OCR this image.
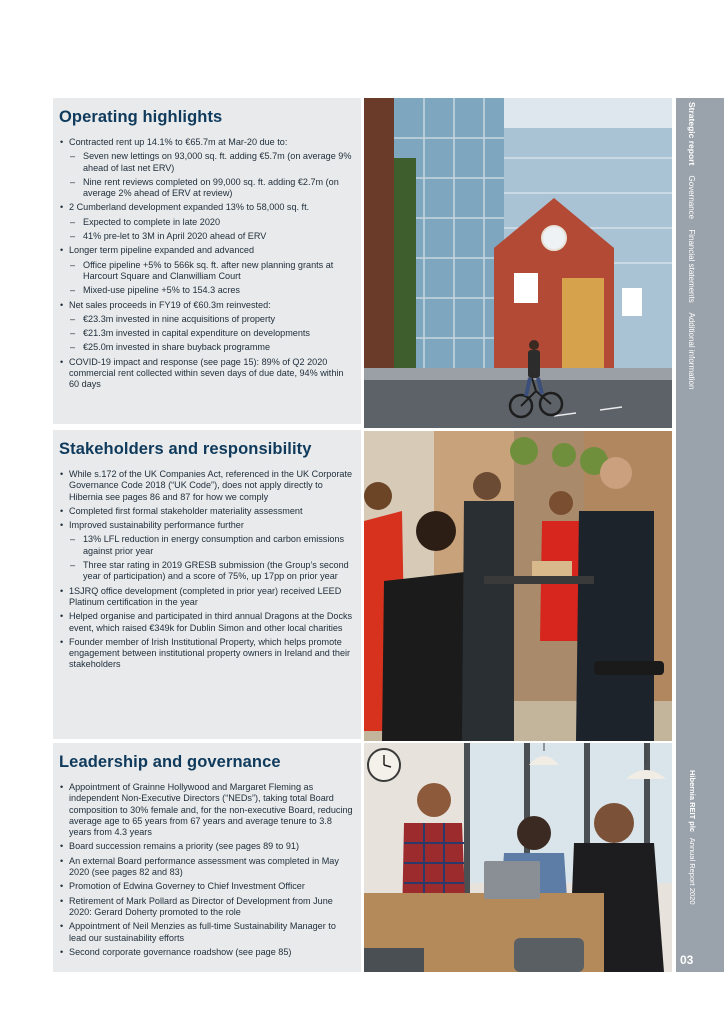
Operating highlights
• Contracted rent up 14.1% to €65.7m at Mar-20 due to:
– Seven new lettings on 93,000 sq. ft. adding €5.7m (on average 9% ahead of last net ERV)
– Nine rent reviews completed on 99,000 sq. ft. adding €2.7m (on average 2% ahead of ERV at review)
• 2 Cumberland development expanded 13% to 58,000 sq. ft.
– Expected to complete in late 2020
– 41% pre-let to 3M in April 2020 ahead of ERV
• Longer term pipeline expanded and advanced
– Office pipeline +5% to 566k sq. ft. after new planning grants at Harcourt Square and Clanwilliam Court
– Mixed-use pipeline +5% to 154.3 acres
• Net sales proceeds in FY19 of €60.3m reinvested:
– €23.3m invested in nine acquisitions of property
– €21.3m invested in capital expenditure on developments
– €25.0m invested in share buyback programme
• COVID-19 impact and response (see page 15): 89% of Q2 2020 commercial rent collected within seven days of due date, 94% within 60 days
Stakeholders and responsibility
• While s.172 of the UK Companies Act, referenced in the UK Corporate Governance Code 2018 (“UK Code”), does not apply directly to Hibernia see pages 86 and 87 for how we comply
• Completed first formal stakeholder materiality assessment
• Improved sustainability performance further
– 13% LFL reduction in energy consumption and carbon emissions against prior year
– Three star rating in 2019 GRESB submission (the Group’s second year of participation) and a score of 75%, up 17pp on prior year
• 1SJRQ office development (completed in prior year) received LEED Platinum certification in the year
• Helped organise and participated in third annual Dragons at the Docks event, which raised €349k for Dublin Simon and other local charities
• Founder member of Irish Institutional Property, which helps promote engagement between institutional property owners in Ireland and their stakeholders
Leadership and governance
• Appointment of Grainne Hollywood and Margaret Fleming as independent Non-Executive Directors (“NEDs”), taking total Board composition to 30% female and, for the non-executive Board, reducing average age to 65 years from 67 years and average tenure to 3.8 years from 4.3 years
• Board succession remains a priority (see pages 89 to 91)
• An external Board performance assessment was completed in May 2020 (see pages 82 and 83)
• Promotion of Edwina Governey to Chief Investment Officer
• Retirement of Mark Pollard as Director of Development from June 2020: Gerard Doherty promoted to the role
• Appointment of Neil Menzies as full-time Sustainability Manager to lead our sustainability efforts
• Second corporate governance roadshow (see page 85)
Strategic report Governance Financial statements Additional information
Hibernia REIT plc Annual Report 2020
03
